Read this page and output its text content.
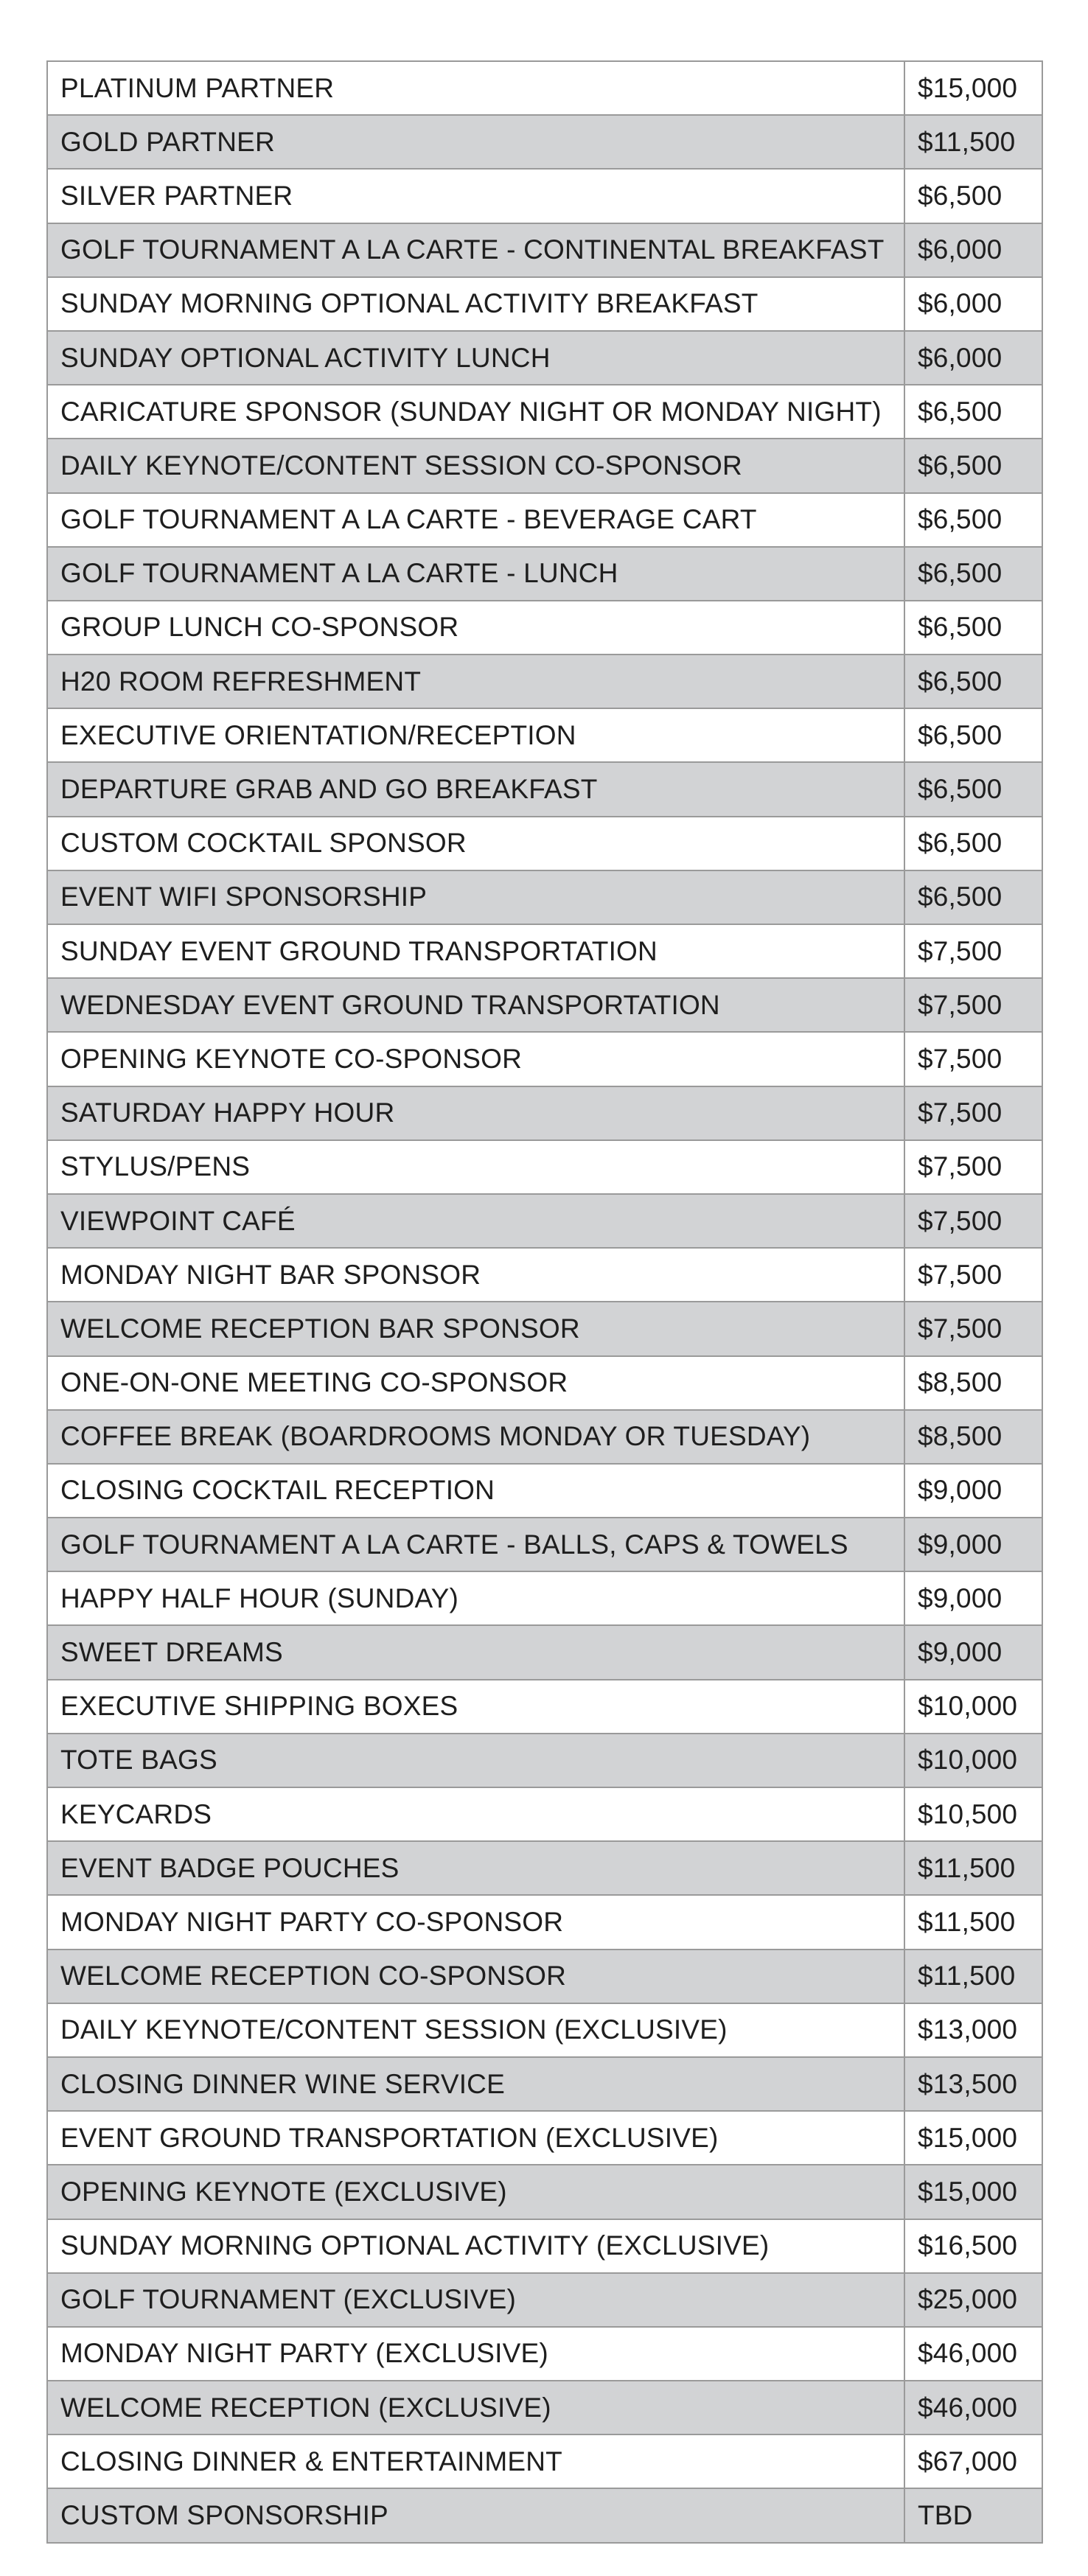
PLATINUM PARTNER	$15,000
GOLD PARTNER	$11,500
SILVER PARTNER	$6,500
GOLF TOURNAMENT A LA CARTE - CONTINENTAL BREAKFAST	$6,000
SUNDAY MORNING OPTIONAL ACTIVITY BREAKFAST	$6,000
SUNDAY OPTIONAL ACTIVITY LUNCH	$6,000
CARICATURE SPONSOR (SUNDAY NIGHT OR MONDAY NIGHT)	$6,500
DAILY KEYNOTE/CONTENT SESSION CO-SPONSOR	$6,500
GOLF TOURNAMENT A LA CARTE - BEVERAGE CART	$6,500
GOLF TOURNAMENT A LA CARTE - LUNCH	$6,500
GROUP LUNCH CO-SPONSOR	$6,500
H20 ROOM REFRESHMENT	$6,500
EXECUTIVE ORIENTATION/RECEPTION	$6,500
DEPARTURE GRAB AND GO BREAKFAST	$6,500
CUSTOM COCKTAIL SPONSOR	$6,500
EVENT WIFI SPONSORSHIP	$6,500
SUNDAY EVENT GROUND TRANSPORTATION	$7,500
WEDNESDAY EVENT GROUND TRANSPORTATION	$7,500
OPENING KEYNOTE CO-SPONSOR	$7,500
SATURDAY HAPPY HOUR	$7,500
STYLUS/PENS	$7,500
VIEWPOINT CAFÉ	$7,500
MONDAY NIGHT BAR SPONSOR	$7,500
WELCOME RECEPTION BAR SPONSOR	$7,500
ONE-ON-ONE MEETING CO-SPONSOR	$8,500
COFFEE BREAK (BOARDROOMS MONDAY OR TUESDAY)	$8,500
CLOSING COCKTAIL RECEPTION	$9,000
GOLF TOURNAMENT A LA CARTE - BALLS, CAPS & TOWELS	$9,000
HAPPY HALF HOUR (SUNDAY)	$9,000
SWEET DREAMS	$9,000
EXECUTIVE SHIPPING BOXES	$10,000
TOTE BAGS	$10,000
KEYCARDS	$10,500
EVENT BADGE POUCHES	$11,500
MONDAY NIGHT PARTY CO-SPONSOR	$11,500
WELCOME RECEPTION CO-SPONSOR	$11,500
DAILY KEYNOTE/CONTENT SESSION (EXCLUSIVE)	$13,000
CLOSING DINNER WINE SERVICE	$13,500
EVENT GROUND TRANSPORTATION (EXCLUSIVE)	$15,000
OPENING KEYNOTE (EXCLUSIVE)	$15,000
SUNDAY MORNING OPTIONAL ACTIVITY (EXCLUSIVE)	$16,500
GOLF TOURNAMENT (EXCLUSIVE)	$25,000
MONDAY NIGHT PARTY (EXCLUSIVE)	$46,000
WELCOME RECEPTION (EXCLUSIVE)	$46,000
CLOSING DINNER & ENTERTAINMENT	$67,000
CUSTOM SPONSORSHIP	TBD
